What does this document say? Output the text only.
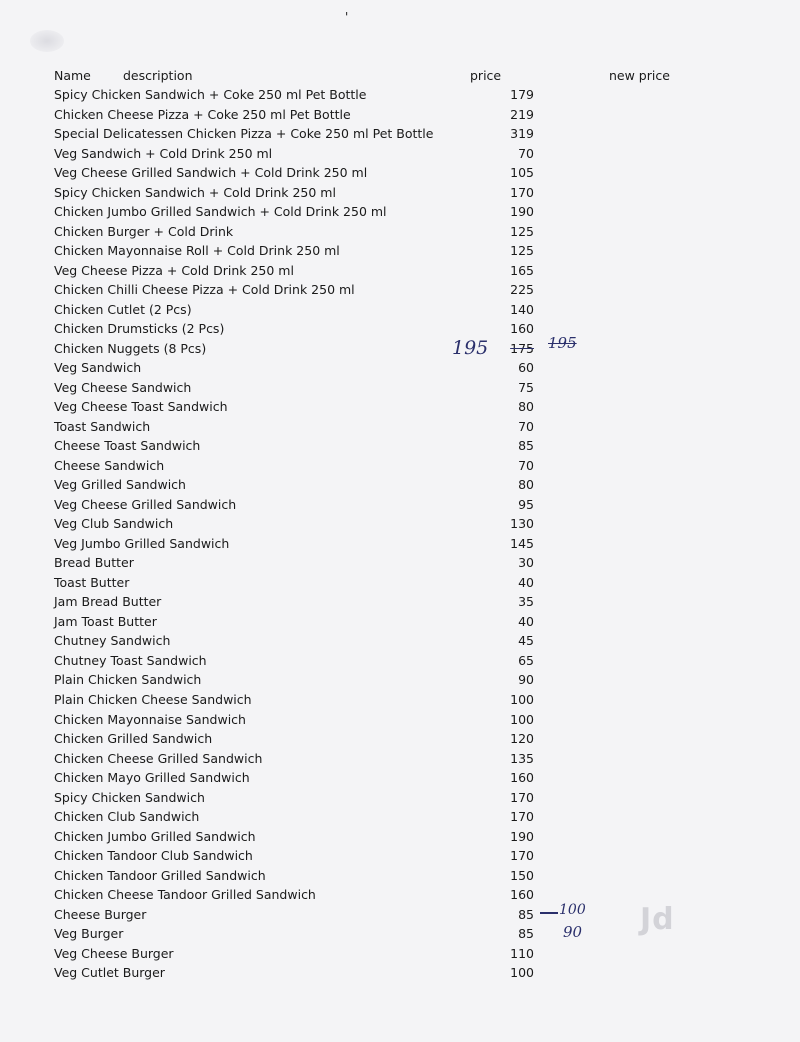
'
Name	description	price	new price
Spicy Chicken Sandwich + Coke 250 ml Pet Bottle	179
Chicken Cheese Pizza + Coke 250 ml Pet Bottle	219
Special Delicatessen Chicken Pizza + Coke 250 ml Pet Bottle	319
Veg Sandwich + Cold Drink 250 ml	70
Veg Cheese Grilled Sandwich + Cold Drink 250 ml	105
Spicy Chicken Sandwich + Cold Drink 250 ml	170
Chicken Jumbo Grilled Sandwich + Cold Drink 250 ml	190
Chicken Burger + Cold Drink	125
Chicken Mayonnaise Roll + Cold Drink 250 ml	125
Veg Cheese Pizza + Cold Drink 250 ml	165
Chicken Chilli Cheese Pizza + Cold Drink 250 ml	225
Chicken Cutlet (2 Pcs)	140
Chicken Drumsticks (2 Pcs)	160
Chicken Nuggets (8 Pcs)	175
Veg Sandwich	60
Veg Cheese Sandwich	75
Veg Cheese Toast Sandwich	80
Toast Sandwich	70
Cheese Toast Sandwich	85
Cheese Sandwich	70
Veg Grilled Sandwich	80
Veg Cheese Grilled Sandwich	95
Veg Club Sandwich	130
Veg Jumbo Grilled Sandwich	145
Bread Butter	30
Toast Butter	40
Jam Bread Butter	35
Jam Toast Butter	40
Chutney Sandwich	45
Chutney Toast Sandwich	65
Plain Chicken Sandwich	90
Plain Chicken Cheese Sandwich	100
Chicken Mayonnaise Sandwich	100
Chicken Grilled Sandwich	120
Chicken Cheese Grilled Sandwich	135
Chicken Mayo Grilled Sandwich	160
Spicy Chicken Sandwich	170
Chicken Club Sandwich	170
Chicken Jumbo Grilled Sandwich	190
Chicken Tandoor Club Sandwich	170
Chicken Tandoor Grilled Sandwich	150
Chicken Cheese Tandoor Grilled Sandwich	160
Cheese Burger	85
Veg Burger	85
Veg Cheese Burger	110
Veg Cutlet Burger	100
195	195
100
90 Jd
